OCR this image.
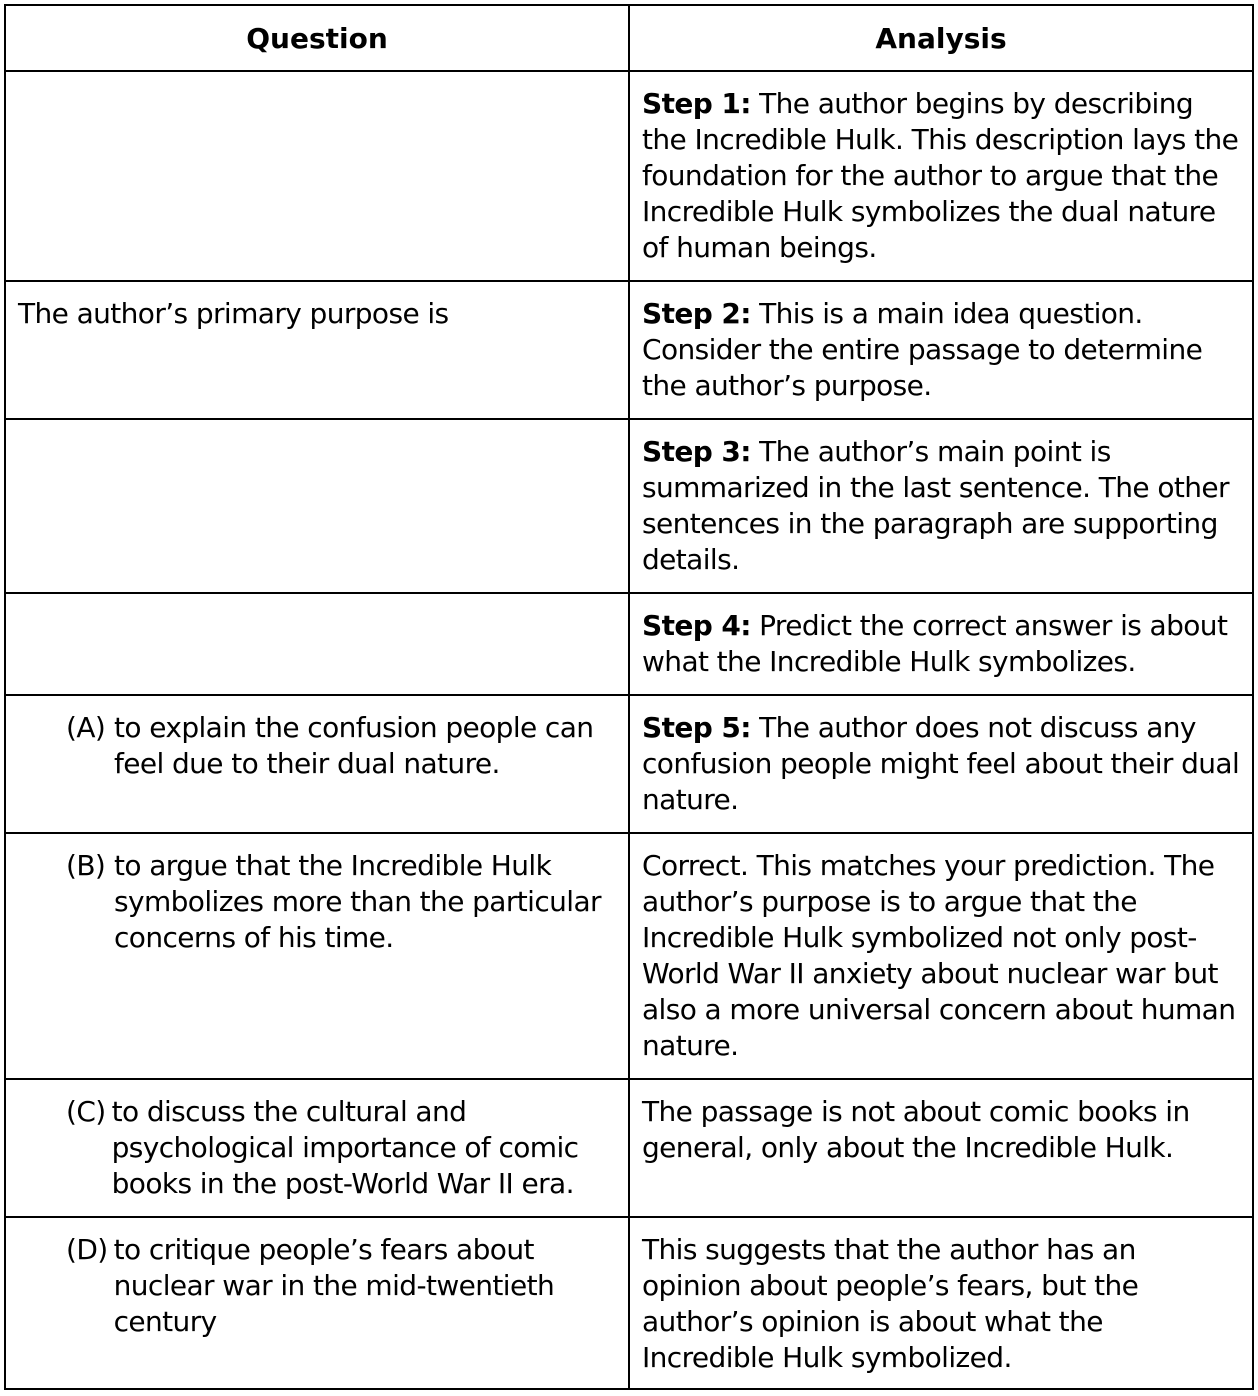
Question	Analysis

	Step 1: The author begins by describing the Incredible Hulk. This description lays the foundation for the author to argue that the Incredible Hulk symbolizes the dual nature of human beings.

The author’s primary purpose is	Step 2: This is a main idea question. Consider the entire passage to determine the author’s purpose.

	Step 3: The author’s main point is summarized in the last sentence. The other sentences in the paragraph are supporting details.

	Step 4: Predict the correct answer is about what the Incredible Hulk symbolizes.

(A) to explain the confusion people can feel due to their dual nature.	Step 5: The author does not discuss any confusion people might feel about their dual nature.

(B) to argue that the Incredible Hulk symbolizes more than the particular concerns of his time.	Correct. This matches your prediction. The author’s purpose is to argue that the Incredible Hulk symbolized not only post-World War II anxiety about nuclear war but also a more universal concern about human nature.

(C) to discuss the cultural and psychological importance of comic books in the post-World War II era.	The passage is not about comic books in general, only about the Incredible Hulk.

(D) to critique people’s fears about nuclear war in the mid-twentieth century	This suggests that the author has an opinion about people’s fears, but the author’s opinion is about what the Incredible Hulk symbolized.
